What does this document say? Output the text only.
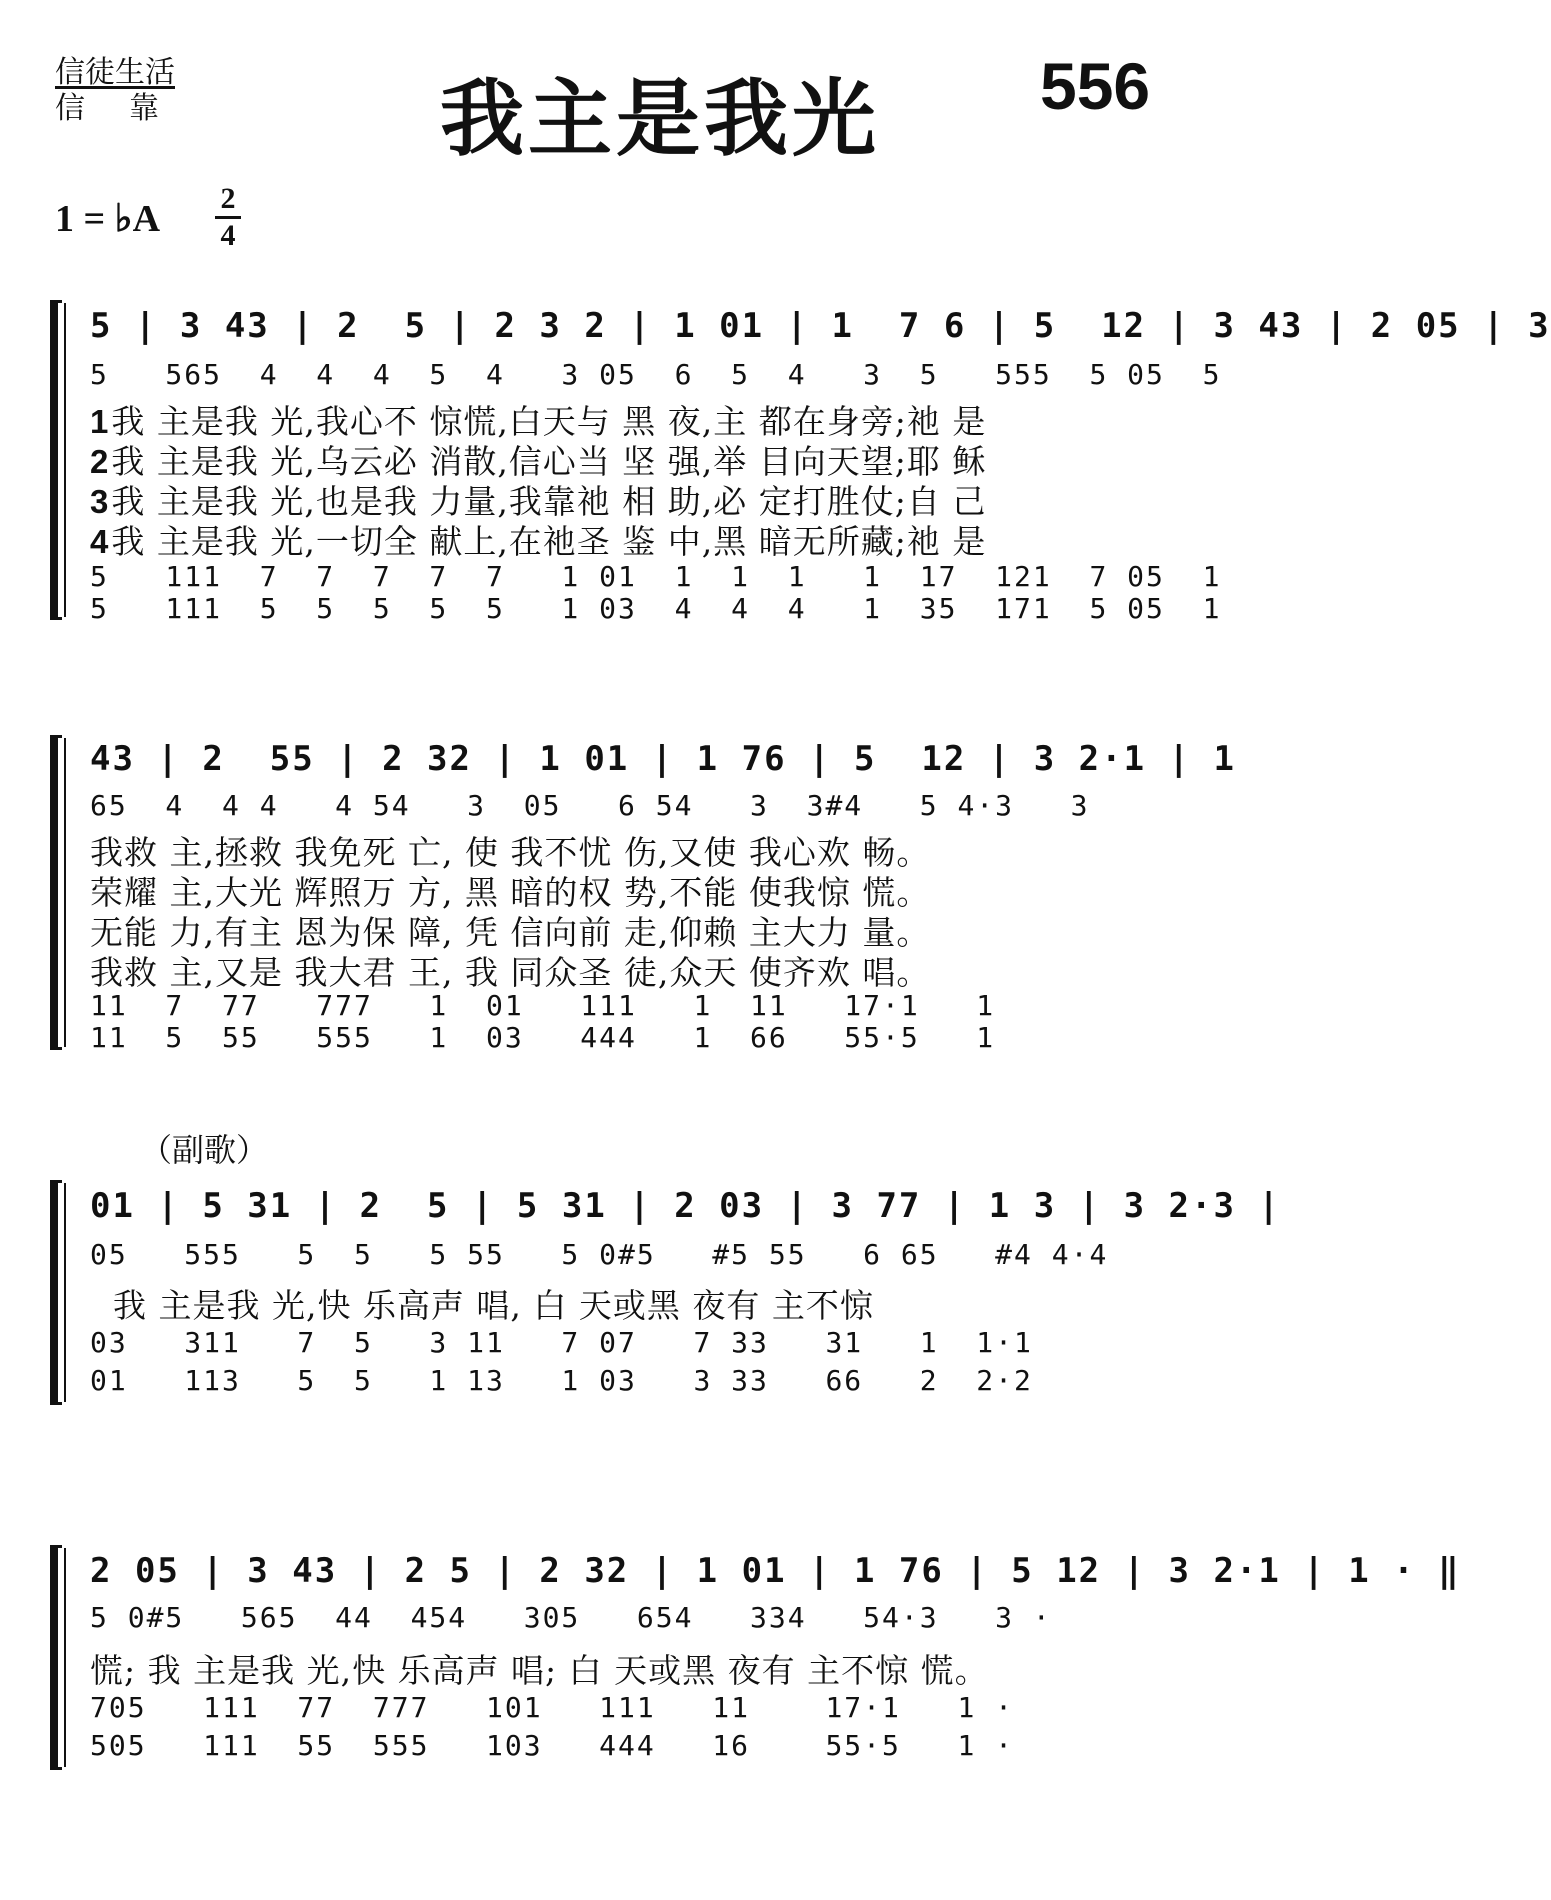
信徒生活
信靠	我主是我光	556
1 = ♭A 2
4
5 | 3 43 | 2  5 | 2 3 2 | 1 01 | 1  7 6 | 5  12 | 3 43 | 2 05 | 3
5   565  4  4  4  5  4   3 05  6  5  4   3  5   555  5 05  5
1我 主是我 光,我心不 惊慌,白天与 黑 夜,主 都在身旁;祂 是
2我 主是我 光,乌云必 消散,信心当 坚 强,举 目向天望;耶 稣
3我 主是我 光,也是我 力量,我靠祂 相 助,必 定打胜仗;自 己
4我 主是我 光,一切全 献上,在祂圣 鉴 中,黑 暗无所藏;祂 是
5   111  7  7  7  7  7   1 01  1  1  1   1  17  121  7 05  1
5   111  5  5  5  5  5   1 03  4  4  4   1  35  171  5 05  1
43 | 2  55 | 2 32 | 1 01 | 1 76 | 5  12 | 3 2·1 | 1
65  4  4 4   4 54   3  05   6 54   3  3#4   5 4·3   3
我救 主,拯救 我免死 亡, 使 我不忧 伤,又使 我心欢 畅。
荣耀 主,大光 辉照万 方, 黑 暗的权 势,不能 使我惊 慌。
无能 力,有主 恩为保 障, 凭 信向前 走,仰赖 主大力 量。
我救 主,又是 我大君 王, 我 同众圣 徒,众天 使齐欢 唱。
11  7  77   777   1  01   111   1  11   17·1   1
11  5  55   555   1  03   444   1  66   55·5   1
（副歌）
01 | 5 31 | 2  5 | 5 31 | 2 03 | 3 77 | 1 3 | 3 2·3 |
05   555   5  5   5 55   5 0#5   #5 55   6 65   #4 4·4
我 主是我 光,快 乐高声 唱, 白 天或黑 夜有 主不惊
03   311   7  5   3 11   7 07   7 33   31   1  1·1
01   113   5  5   1 13   1 03   3 33   66   2  2·2
2 05 | 3 43 | 2 5 | 2 32 | 1 01 | 1 76 | 5 12 | 3 2·1 | 1 · ‖
5 0#5   565  44  454   305   654   334   54·3   3 ·
慌; 我 主是我 光,快 乐高声 唱; 白 天或黑 夜有 主不惊 慌。
705   111  77  777   101   111   11    17·1   1 ·
505   111  55  555   103   444   16    55·5   1 ·
